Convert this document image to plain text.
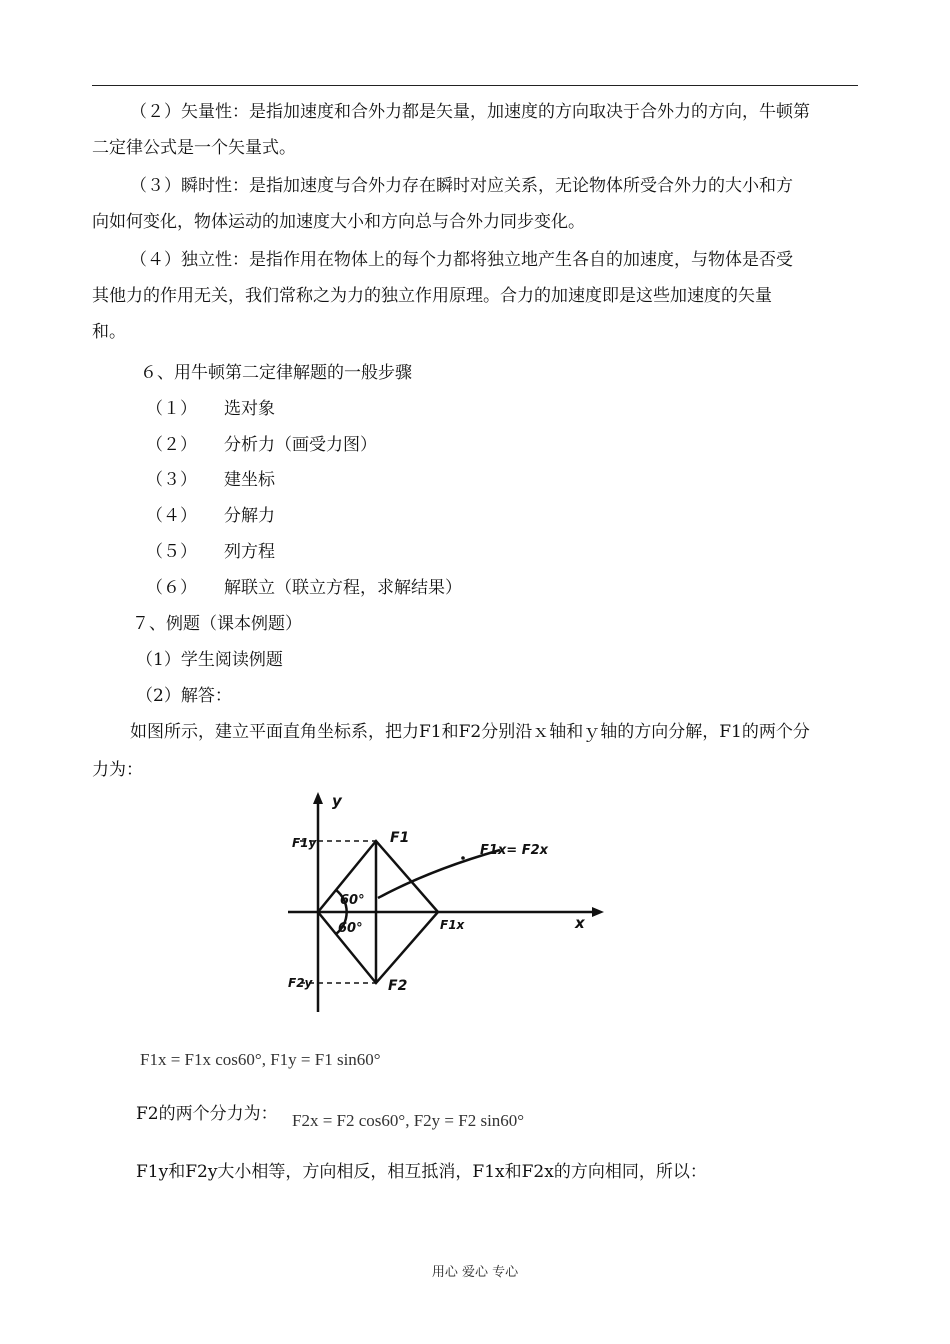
（２）矢量性：是指加速度和合外力都是矢量，加速度的方向取决于合外力的方向，牛顿第
二定律公式是一个矢量式。
（３）瞬时性：是指加速度与合外力存在瞬时对应关系，无论物体所受合外力的大小和方
向如何变化，物体运动的加速度大小和方向总与合外力同步变化。
（４）独立性：是指作用在物体上的每个力都将独立地产生各自的加速度，与物体是否受
其他力的作用无关，我们常称之为力的独立作用原理。合力的加速度即是这些加速度的矢量
和。
６、用牛顿第二定律解题的一般步骤
（１） 选对象
（２） 分析力（画受力图）
（３） 建坐标
（４） 分解力
（５） 列方程
（６） 解联立（联立方程，求解结果）
７、例题（课本例题）
（1）学生阅读例题
（2）解答：
如图所示，建立平面直角坐标系，把力F1和F2分别沿ｘ轴和ｙ轴的方向分解，F1的两个分
力为：
y
x
F1
F2
F1y
F2y
F1x
F1x= F2x
60°
60°
F1x = F1x cos60°, F1y = F1 sin60°
F2的两个分力为： F2x = F2 cos60°, F2y = F2 sin60°
F1y和F2y大小相等，方向相反，相互抵消，F1x和F2x的方向相同，所以：
用心 爱心 专心
